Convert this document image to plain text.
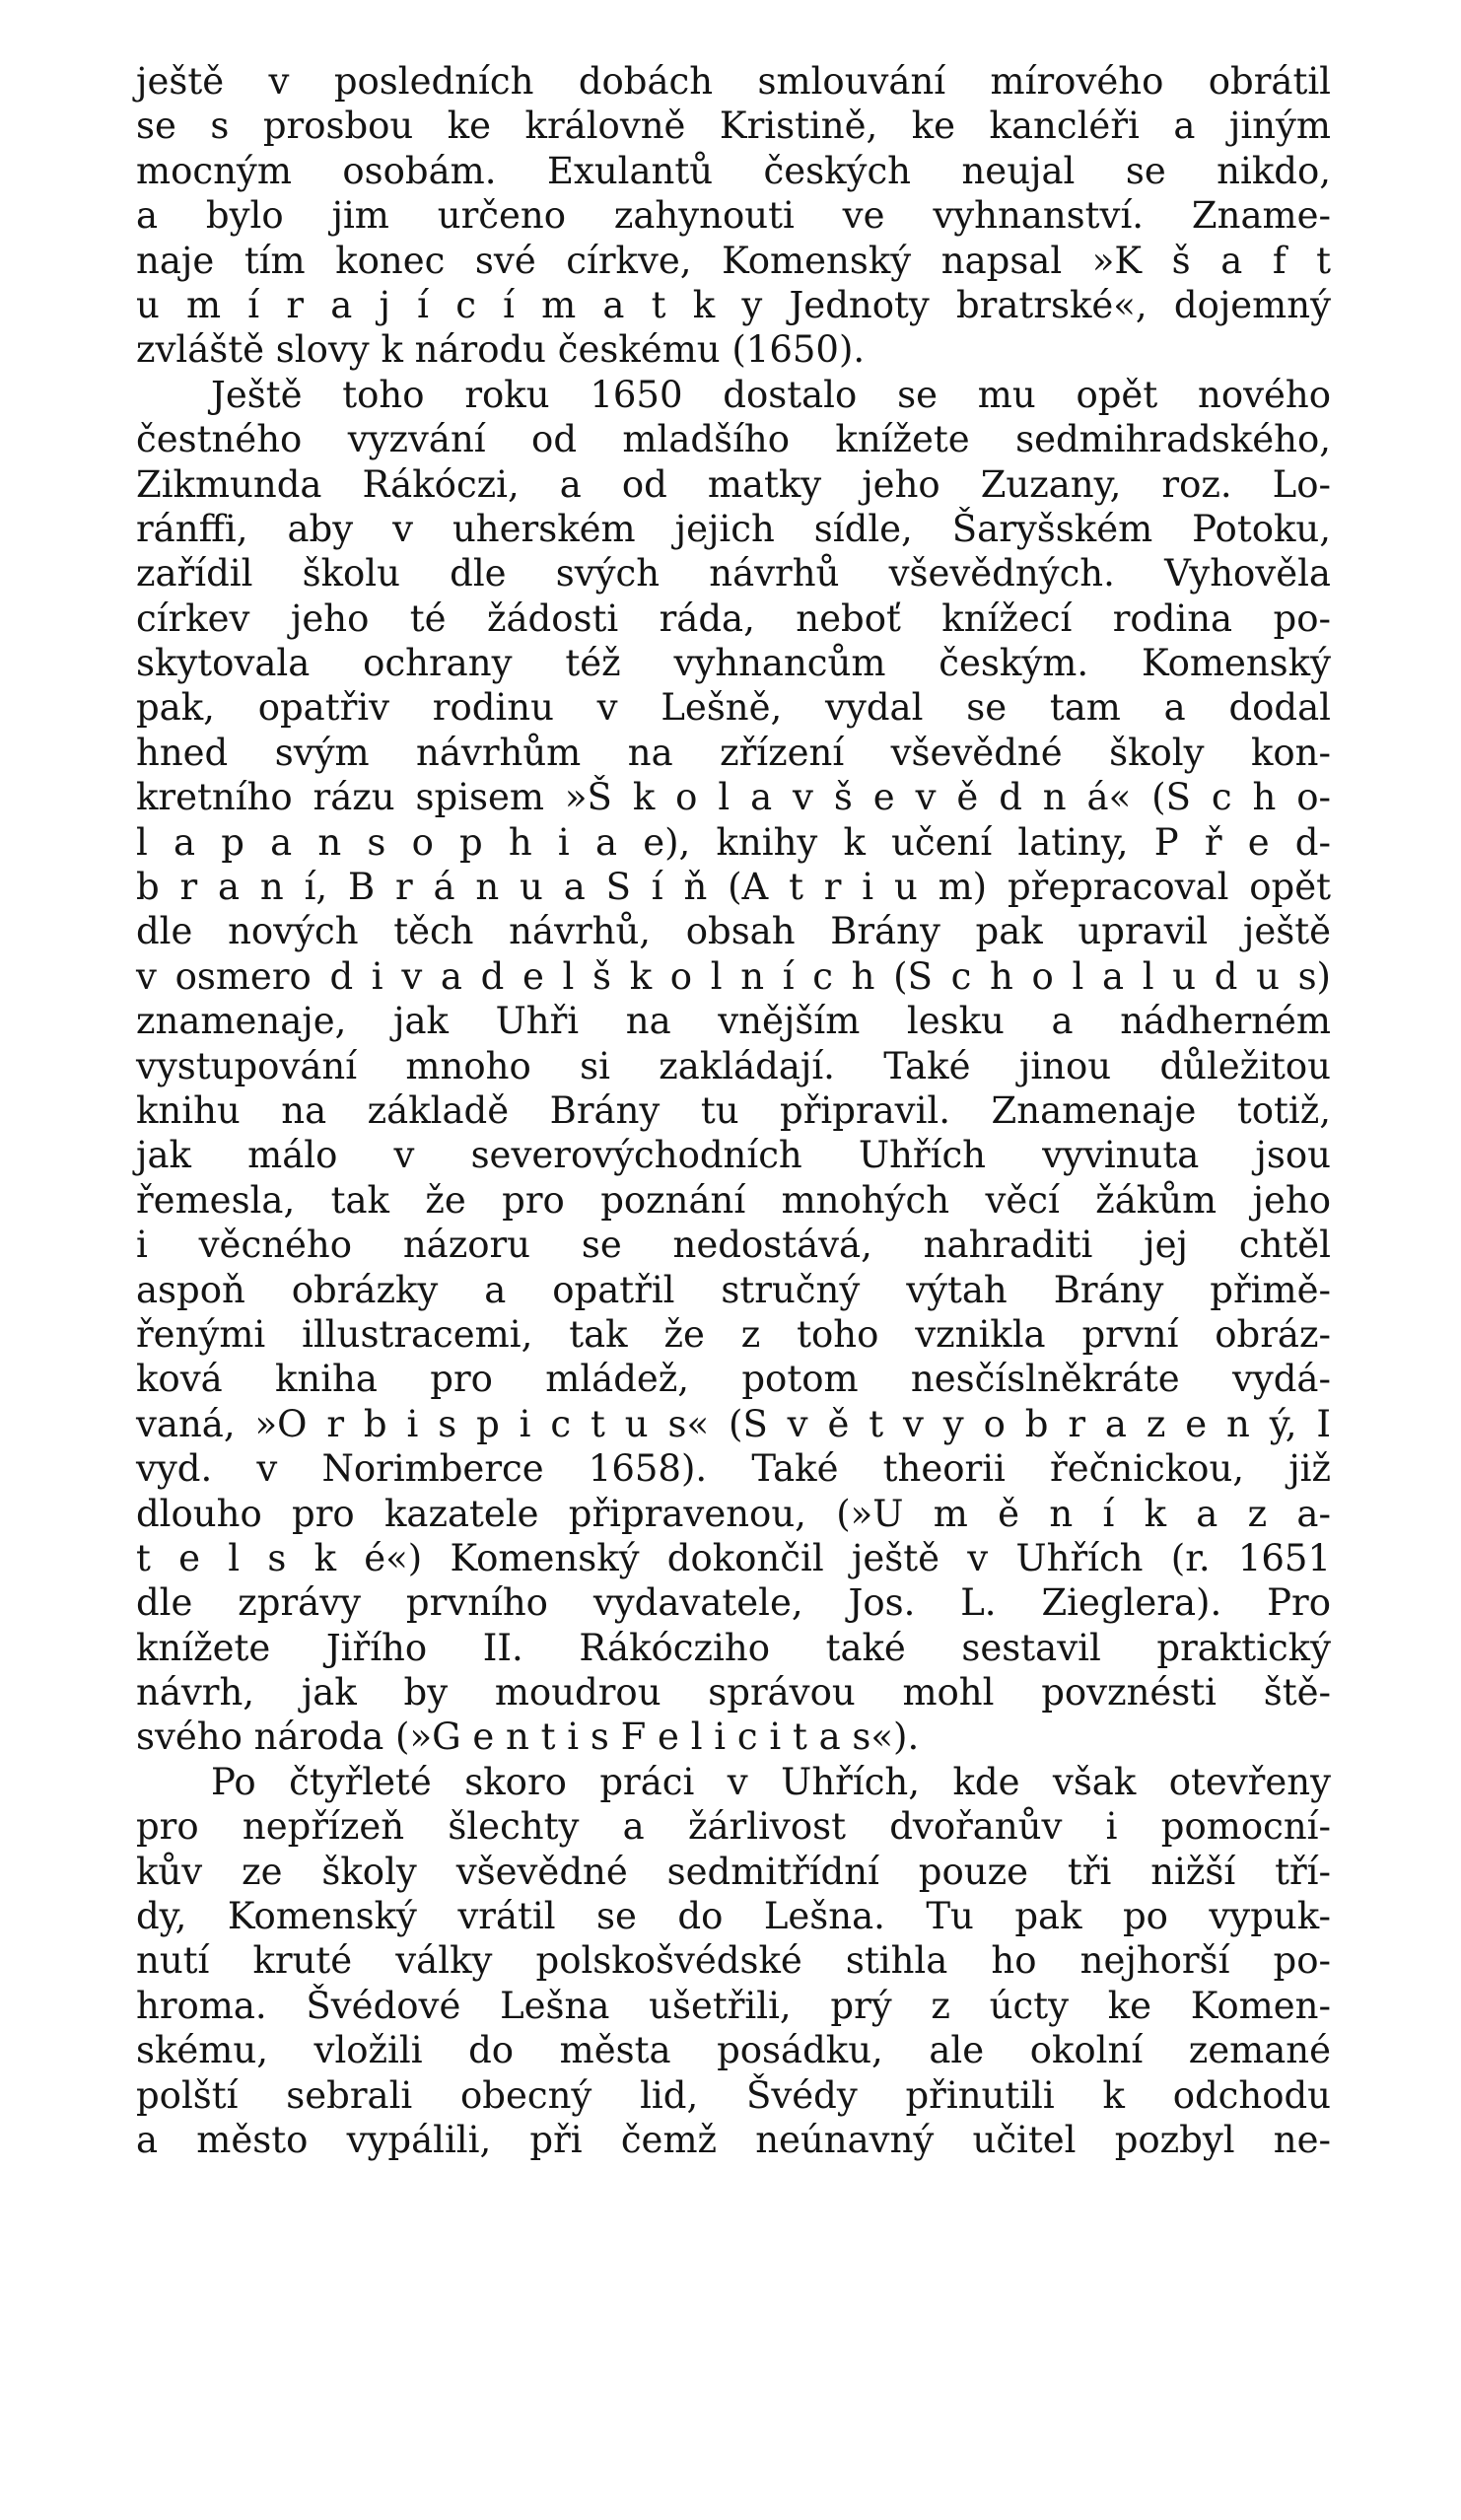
ještě v posledních dobách smlouvání mírového obrátil
se s prosbou ke královně Kristině, ke kancléři a jiným
mocným osobám. Exulantů českých neujal se nikdo,
a bylo jim určeno zahynouti ve vyhnanství. Zname-
naje tím konec své církve, Komenský napsal »K š a f t
u m í r a j í c í m a t k y Jednoty bratrské«, dojemný
zvláště slovy k národu českému (1650).
Ještě toho roku 1650 dostalo se mu opět nového
čestného vyzvání od mladšího knížete sedmihradského,
Zikmunda Rákóczi, a od matky jeho Zuzany, roz. Lo-
ránffi, aby v uherském jejich sídle, Šaryšském Potoku,
zařídil školu dle svých návrhů vševědných. Vyhověla
církev jeho té žádosti ráda, neboť knížecí rodina po-
skytovala ochrany též vyhnancům českým. Komenský
pak, opatřiv rodinu v Lešně, vydal se tam a dodal
hned svým návrhům na zřízení vševědné školy kon-
kretního rázu spisem »Š k o l a v š e v ě d n á« (S c h o-
l a p a n s o p h i a e), knihy k učení latiny, P ř e d-
b r a n í, B r á n u a S í ň (A t r i u m) přepracoval opět
dle nových těch návrhů, obsah Brány pak upravil ještě
v osmero d i v a d e l š k o l n í c h (S c h o l a l u d u s)
znamenaje, jak Uhři na vnějším lesku a nádherném
vystupování mnoho si zakládají. Také jinou důležitou
knihu na základě Brány tu připravil. Znamenaje totiž,
jak málo v severovýchodních Uhřích vyvinuta jsou
řemesla, tak že pro poznání mnohých věcí žákům jeho
i věcného názoru se nedostává, nahraditi jej chtěl
aspoň obrázky a opatřil stručný výtah Brány přimě-
řenými illustracemi, tak že z toho vznikla první obráz-
ková kniha pro mládež, potom nesčíslněkráte vydá-
vaná, »O r b i s p i c t u s« (S v ě t v y o b r a z e n ý, I
vyd. v Norimberce 1658). Také theorii řečnickou, již
dlouho pro kazatele připravenou, (»U m ě n í k a z a-
t e l s k é«) Komenský dokončil ještě v Uhřích (r. 1651
dle zprávy prvního vydavatele, Jos. L. Zieglera). Pro
knížete Jiřího II. Rákócziho také sestavil praktický
návrh, jak by moudrou správou mohl povznésti ště-
svého národa (»G e n t i s F e l i c i t a s«).
Po čtyřleté skoro práci v Uhřích, kde však otevřeny
pro nepřízeň šlechty a žárlivost dvořanův i pomocní-
kův ze školy vševědné sedmitřídní pouze tři nižší tří-
dy, Komenský vrátil se do Lešna. Tu pak po vypuk-
nutí kruté války polskošvédské stihla ho nejhorší po-
hroma. Švédové Lešna ušetřili, prý z úcty ke Komen-
skému, vložili do města posádku, ale okolní zemané
polští sebrali obecný lid, Švédy přinutili k odchodu
a město vypálili, při čemž neúnavný učitel pozbyl ne-
